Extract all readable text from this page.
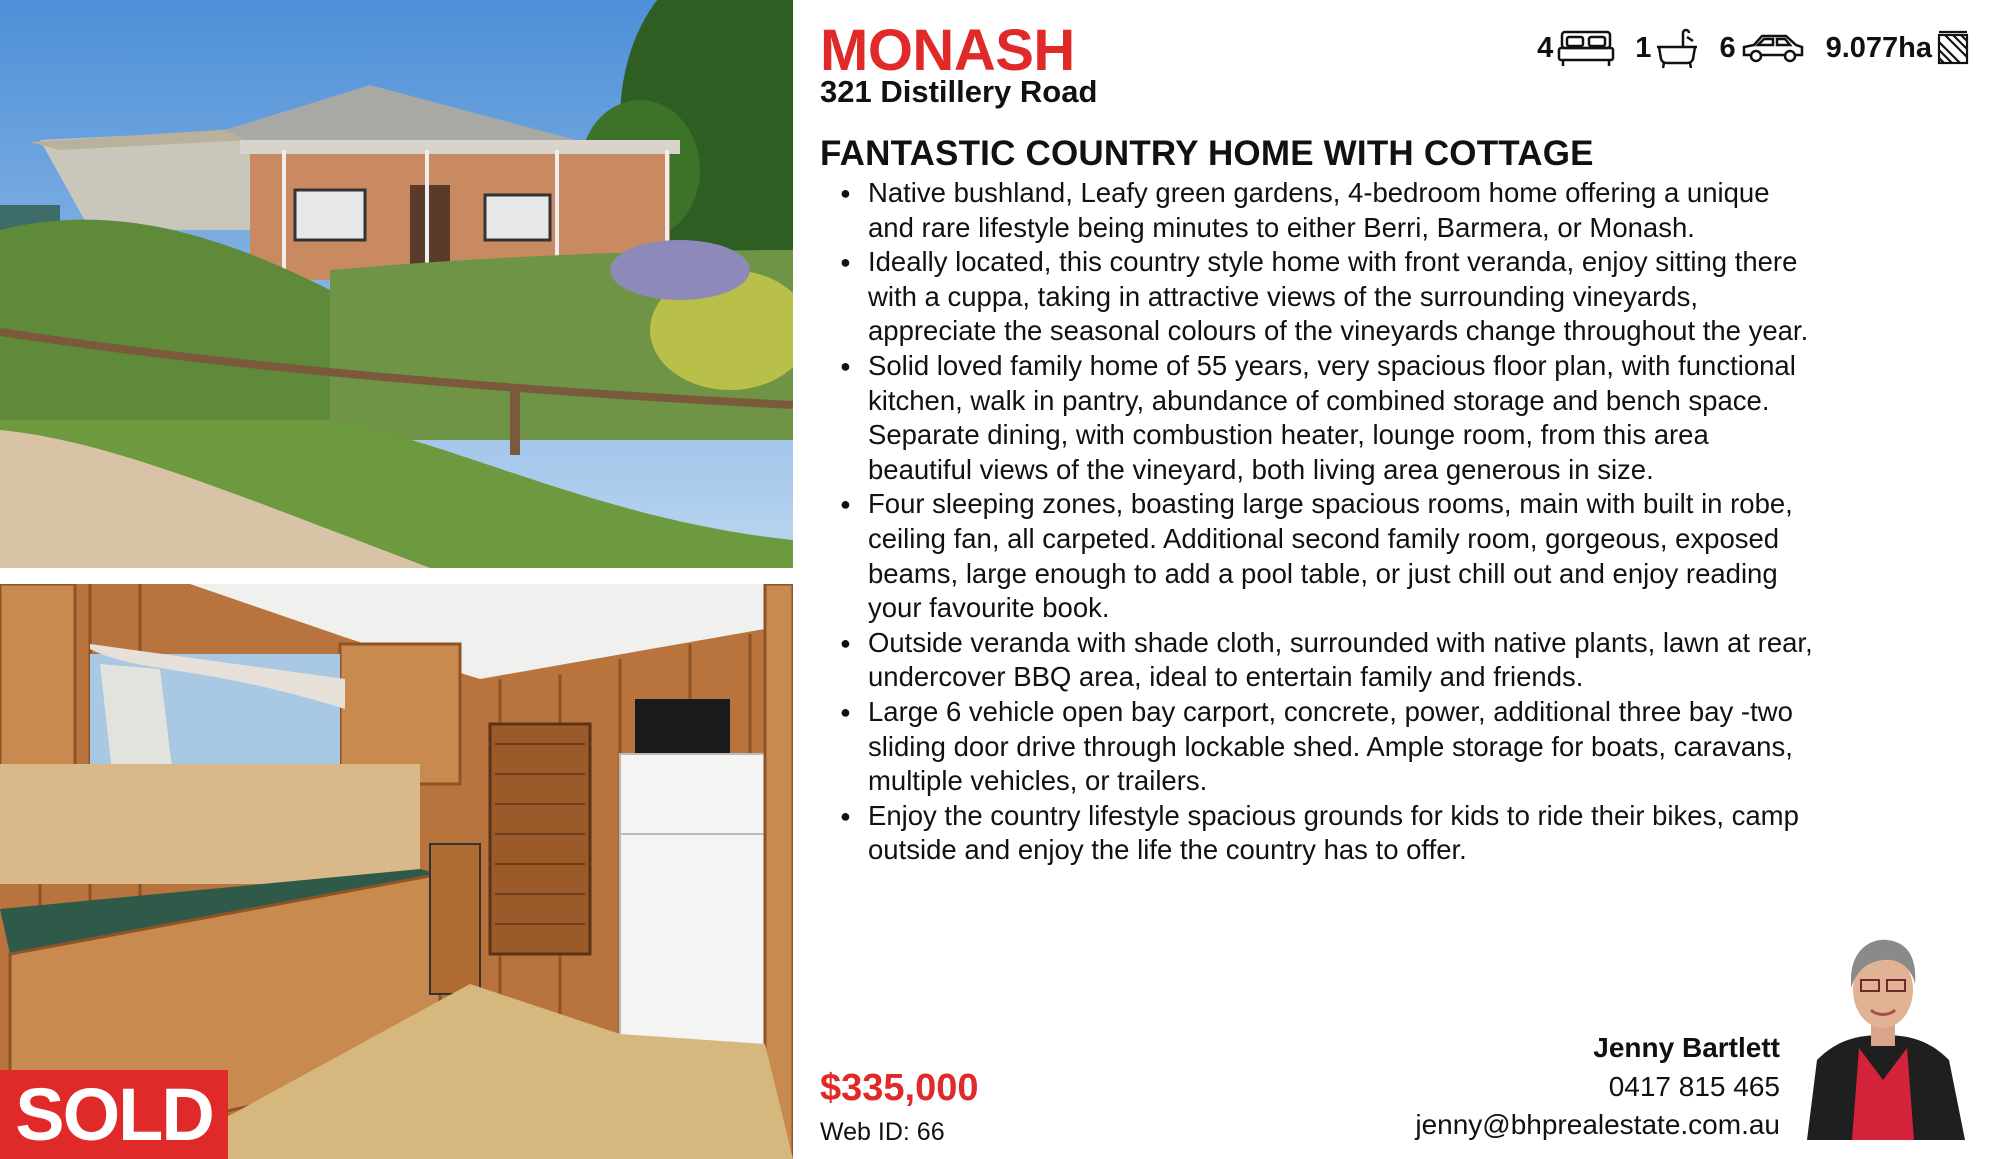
SOLD
MONASH
321 Distillery Road
4	1 6	9.077ha
FANTASTIC COUNTRY HOME WITH COTTAGE
● Native bushland, Leafy green gardens, 4-bedroom home offering a unique and rare lifestyle being minutes to either Berri, Barmera, or Monash.
● Ideally located, this country style home with front veranda, enjoy sitting there with a cuppa, taking in attractive views of the surrounding vineyards, appreciate the seasonal colours of the vineyards change throughout the year.
● Solid loved family home of 55 years, very spacious floor plan, with functional kitchen, walk in pantry, abundance of combined storage and bench space. Separate dining, with combustion heater, lounge room, from this area beautiful views of the vineyard, both living area generous in size.
● Four sleeping zones, boasting large spacious rooms, main with built in robe, ceiling fan, all carpeted. Additional second family room, gorgeous, exposed beams, large enough to add a pool table, or just chill out and enjoy reading your favourite book.
● Outside veranda with shade cloth, surrounded with native plants, lawn at rear, undercover BBQ area, ideal to entertain family and friends.
● Large 6 vehicle open bay carport, concrete, power, additional three bay -two sliding door drive through lockable shed. Ample storage for boats, caravans, multiple vehicles, or trailers.
● Enjoy the country lifestyle spacious grounds for kids to ride their bikes, camp outside and enjoy the life the country has to offer.
$335,000
Web ID: 66
Jenny Bartlett
0417 815 465
jenny@bhprealestate.com.au
